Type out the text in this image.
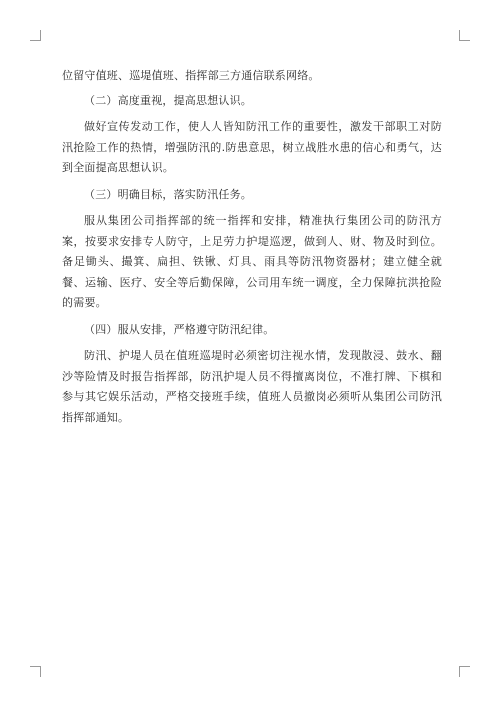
位留守值班、巡堤值班、指挥部三方通信联系网络。

（二）高度重视，提高思想认识。

做好宣传发动工作，使人人皆知防汛工作的重要性，激发干部职工对防汛抢险工作的热情，增强防汛的.防患意思，树立战胜水患的信心和勇气，达到全面提高思想认识。

（三）明确目标，落实防汛任务。

服从集团公司指挥部的统一指挥和安排，精准执行集团公司的防汛方案，按要求安排专人防守，上足劳力护堤巡逻，做到人、财、物及时到位。备足锄头、撮箕、扁担、铁锹、灯具、雨具等防汛物资器材；建立健全就餐、运输、医疗、安全等后勤保障，公司用车统一调度，全力保障抗洪抢险的需要。

（四）服从安排，严格遵守防汛纪律。

防汛、护堤人员在值班巡堤时必须密切注视水情，发现散浸、鼓水、翻沙等险情及时报告指挥部，防汛护堤人员不得擅离岗位，不准打牌、下棋和参与其它娱乐活动，严格交接班手续，值班人员撤岗必须听从集团公司防汛指挥部通知。
